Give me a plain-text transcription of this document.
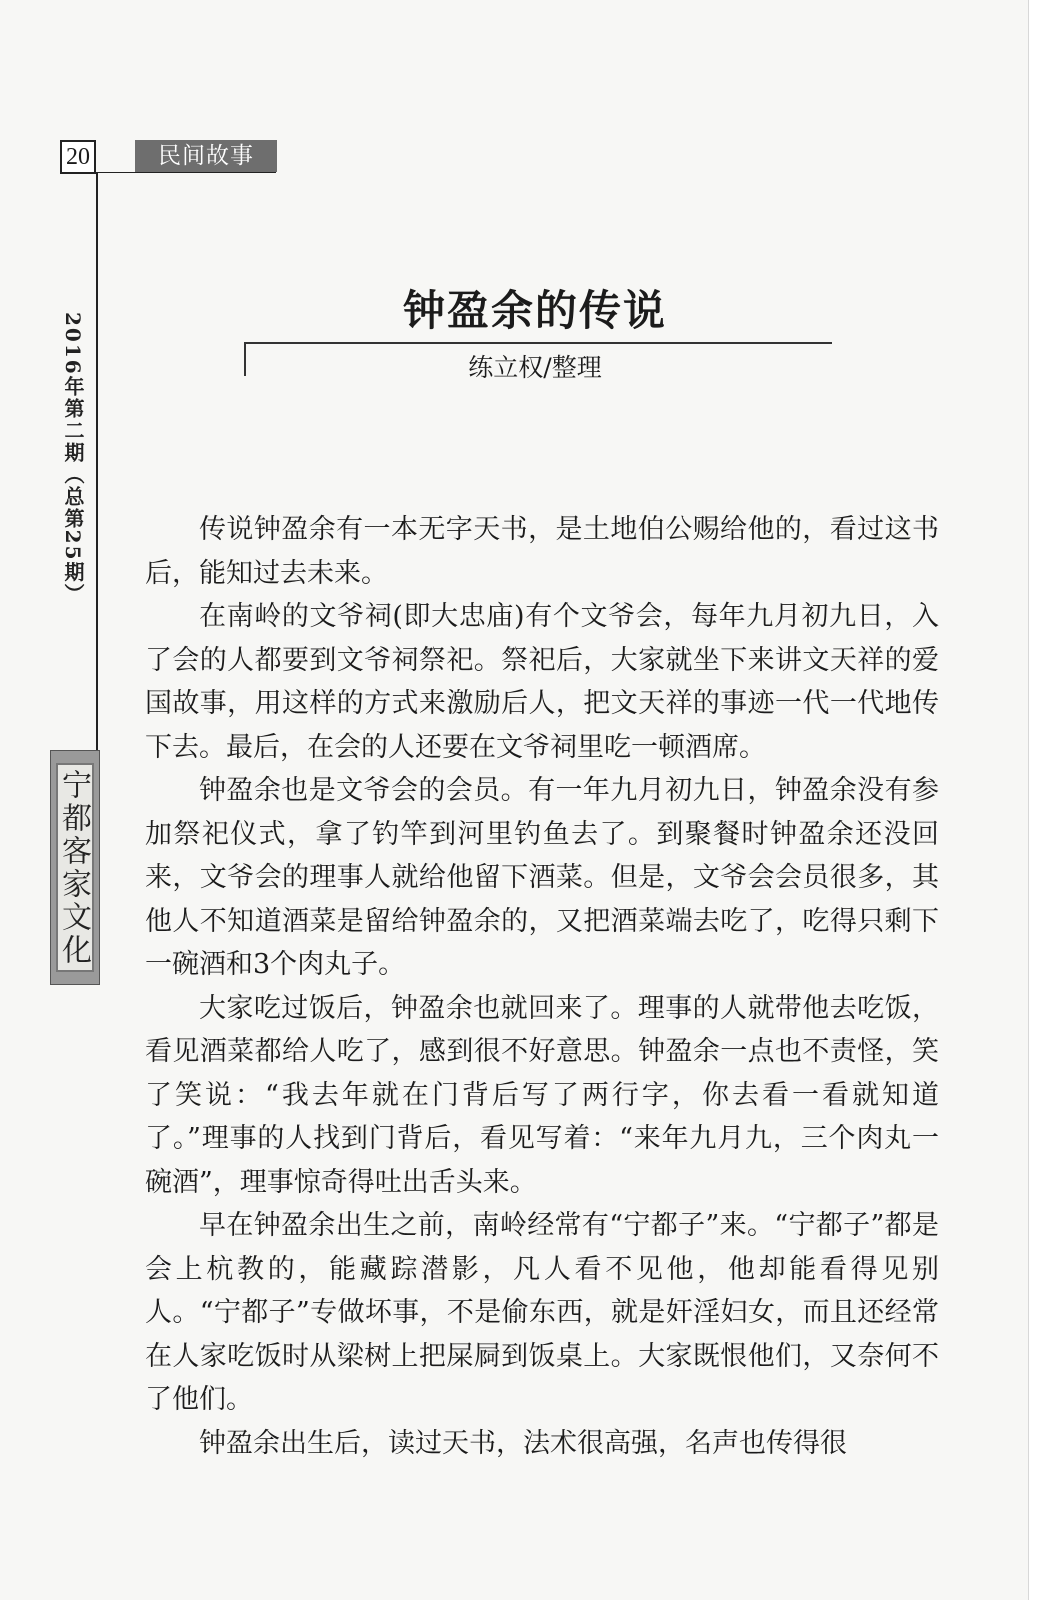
20	民间故事
2016年第二期（总第25期）
宁都客家文化
钟盈余的传说
练立权/整理

传说钟盈余有一本无字天书，是土地伯公赐给他的，看过这书后，能知过去未来。

在南岭的文爷祠(即大忠庙)有个文爷会，每年九月初九日，入了会的人都要到文爷祠祭祀。祭祀后，大家就坐下来讲文天祥的爱国故事，用这样的方式来激励后人，把文天祥的事迹一代一代地传下去。最后，在会的人还要在文爷祠里吃一顿酒席。

钟盈余也是文爷会的会员。有一年九月初九日，钟盈余没有参加祭祀仪式，拿了钓竿到河里钓鱼去了。到聚餐时钟盈余还没回来，文爷会的理事人就给他留下酒菜。但是，文爷会会员很多，其他人不知道酒菜是留给钟盈余的，又把酒菜端去吃了，吃得只剩下一碗酒和3个肉丸子。

大家吃过饭后，钟盈余也就回来了。理事的人就带他去吃饭，看见酒菜都给人吃了，感到很不好意思。钟盈余一点也不责怪，笑了笑说：“我去年就在门背后写了两行字，你去看一看就知道了。”理事的人找到门背后，看见写着：“来年九月九，三个肉丸一碗酒”，理事惊奇得吐出舌头来。

早在钟盈余出生之前，南岭经常有“宁都子”来。“宁都子”都是会上杭教的，能藏踪潜影，凡人看不见他，他却能看得见别人。“宁都子”专做坏事，不是偷东西，就是奸淫妇女，而且还经常在人家吃饭时从梁树上把屎屙到饭桌上。大家既恨他们，又奈何不了他们。

钟盈余出生后，读过天书，法术很高强，名声也传得很
